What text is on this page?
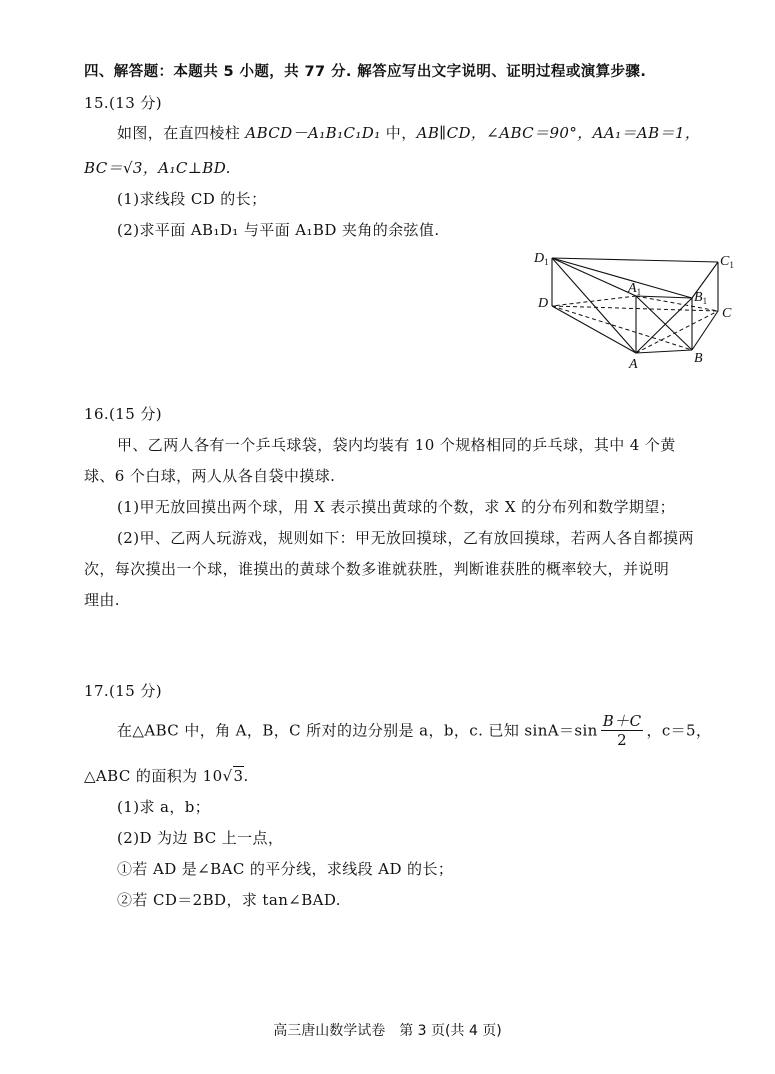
四、解答题：本题共 5 小题，共 77 分. 解答应写出文字说明、证明过程或演算步骤.
15.(13 分)
如图，在直四棱柱 ABCD－A₁B₁C₁D₁ 中，AB∥CD，∠ABC＝90°，AA₁＝AB＝1，
BC＝√3，A₁C⊥BD.
(1)求线段 CD 的长；
(2)求平面 AB₁D₁ 与平面 A₁BD 夹角的余弦值.
$D_1$	$C_1$
$A_1$	$B_1$
D
C
A	B
16.(15 分)
甲、乙两人各有一个乒乓球袋，袋内均装有 10 个规格相同的乒乓球，其中 4 个黄
球、6 个白球，两人从各自袋中摸球.
(1)甲无放回摸出两个球，用 X 表示摸出黄球的个数，求 X 的分布列和数学期望；
(2)甲、乙两人玩游戏，规则如下：甲无放回摸球，乙有放回摸球，若两人各自都摸两
次，每次摸出一个球，谁摸出的黄球个数多谁就获胜，判断谁获胜的概率较大，并说明
理由.
17.(15 分)
在△ABC 中，角 A，B，C 所对的边分别是 a，b，c. 已知 $\sin A=\sin \frac{B+C}{2}$ ，c＝5，
△ABC 的面积为 10√3.
(1)求 a，b；
(2)D 为边 BC 上一点，
①若 AD 是∠BAC 的平分线，求线段 AD 的长；
②若 CD＝2BD，求 tan∠BAD.
高三唐山数学试卷　第 3 页(共 4 页)
